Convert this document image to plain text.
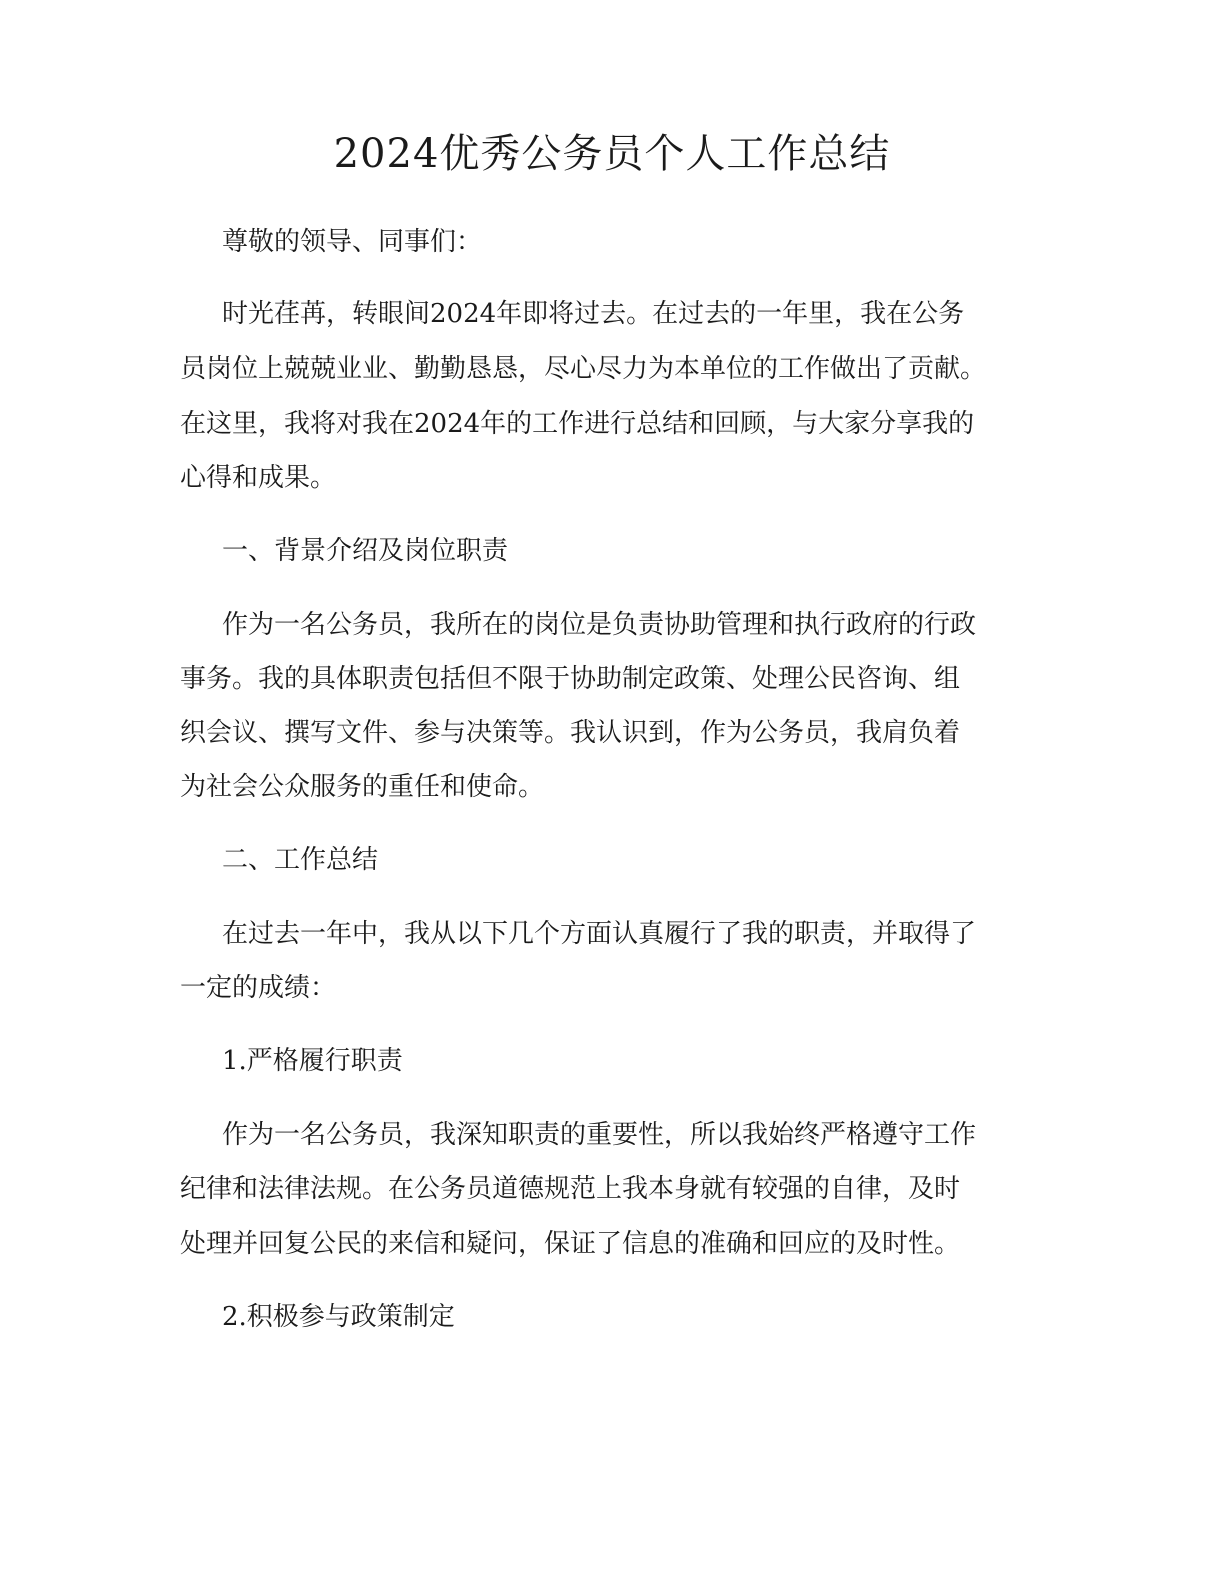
2024优秀公务员个人工作总结
尊敬的领导、同事们：
时光荏苒，转眼间2024年即将过去。在过去的一年里，我在公务
员岗位上兢兢业业、勤勤恳恳，尽心尽力为本单位的工作做出了贡献。
在这里，我将对我在2024年的工作进行总结和回顾，与大家分享我的
心得和成果。
一、背景介绍及岗位职责
作为一名公务员，我所在的岗位是负责协助管理和执行政府的行政
事务。我的具体职责包括但不限于协助制定政策、处理公民咨询、组
织会议、撰写文件、参与决策等。我认识到，作为公务员，我肩负着
为社会公众服务的重任和使命。
二、工作总结
在过去一年中，我从以下几个方面认真履行了我的职责，并取得了
一定的成绩：
1.严格履行职责
作为一名公务员，我深知职责的重要性，所以我始终严格遵守工作
纪律和法律法规。在公务员道德规范上我本身就有较强的自律，及时
处理并回复公民的来信和疑问，保证了信息的准确和回应的及时性。
2.积极参与政策制定
